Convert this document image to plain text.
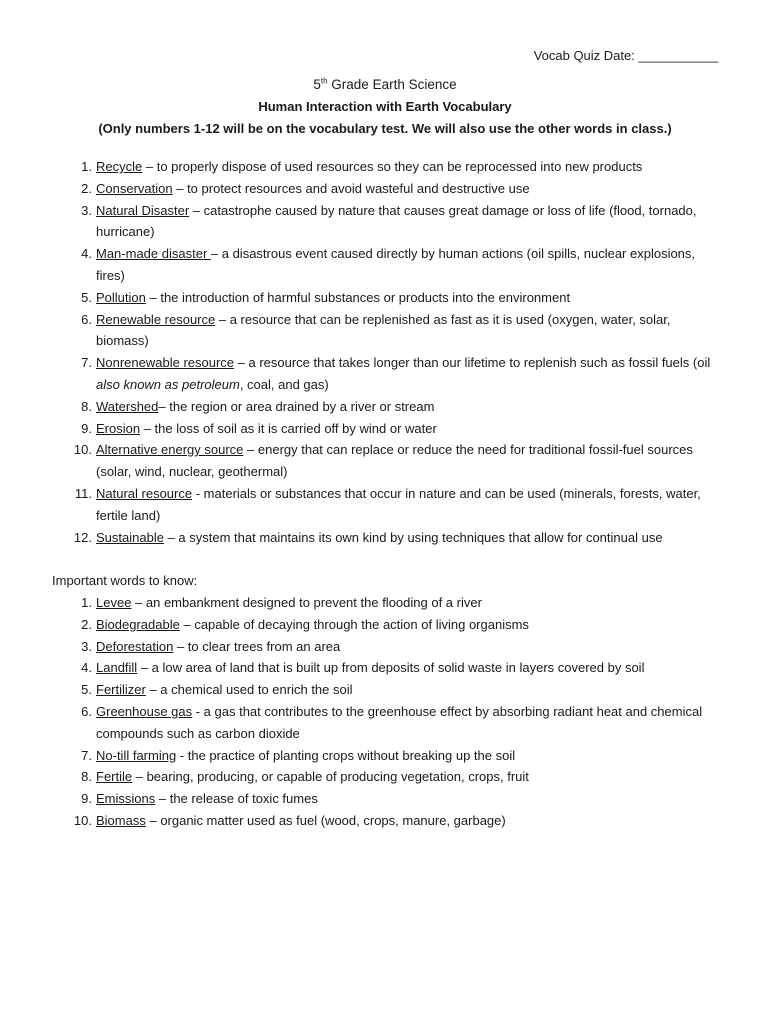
Vocab Quiz Date: ___________
5th Grade Earth Science
Human Interaction with Earth Vocabulary
(Only numbers 1-12 will be on the vocabulary test. We will also use the other words in class.)
1. Recycle – to properly dispose of used resources so they can be reprocessed into new products
2. Conservation – to protect resources and avoid wasteful and destructive use
3. Natural Disaster – catastrophe caused by nature that causes great damage or loss of life (flood, tornado, hurricane)
4. Man-made disaster – a disastrous event caused directly by human actions (oil spills, nuclear explosions, fires)
5. Pollution – the introduction of harmful substances or products into the environment
6. Renewable resource – a resource that can be replenished as fast as it is used (oxygen, water, solar, biomass)
7. Nonrenewable resource – a resource that takes longer than our lifetime to replenish such as fossil fuels (oil also known as petroleum, coal, and gas)
8. Watershed– the region or area drained by a river or stream
9. Erosion – the loss of soil as it is carried off by wind or water
10. Alternative energy source – energy that can replace or reduce the need for traditional fossil-fuel sources (solar, wind, nuclear, geothermal)
11. Natural resource - materials or substances that occur in nature and can be used (minerals, forests, water, fertile land)
12. Sustainable – a system that maintains its own kind by using techniques that allow for continual use
Important words to know:
1. Levee – an embankment designed to prevent the flooding of a river
2. Biodegradable – capable of decaying through the action of living organisms
3. Deforestation – to clear trees from an area
4. Landfill – a low area of land that is built up from deposits of solid waste in layers covered by soil
5. Fertilizer – a chemical used to enrich the soil
6. Greenhouse gas - a gas that contributes to the greenhouse effect by absorbing radiant heat and chemical compounds such as carbon dioxide
7. No-till farming - the practice of planting crops without breaking up the soil
8. Fertile – bearing, producing, or capable of producing vegetation, crops, fruit
9. Emissions – the release of toxic fumes
10. Biomass – organic matter used as fuel (wood, crops, manure, garbage)
